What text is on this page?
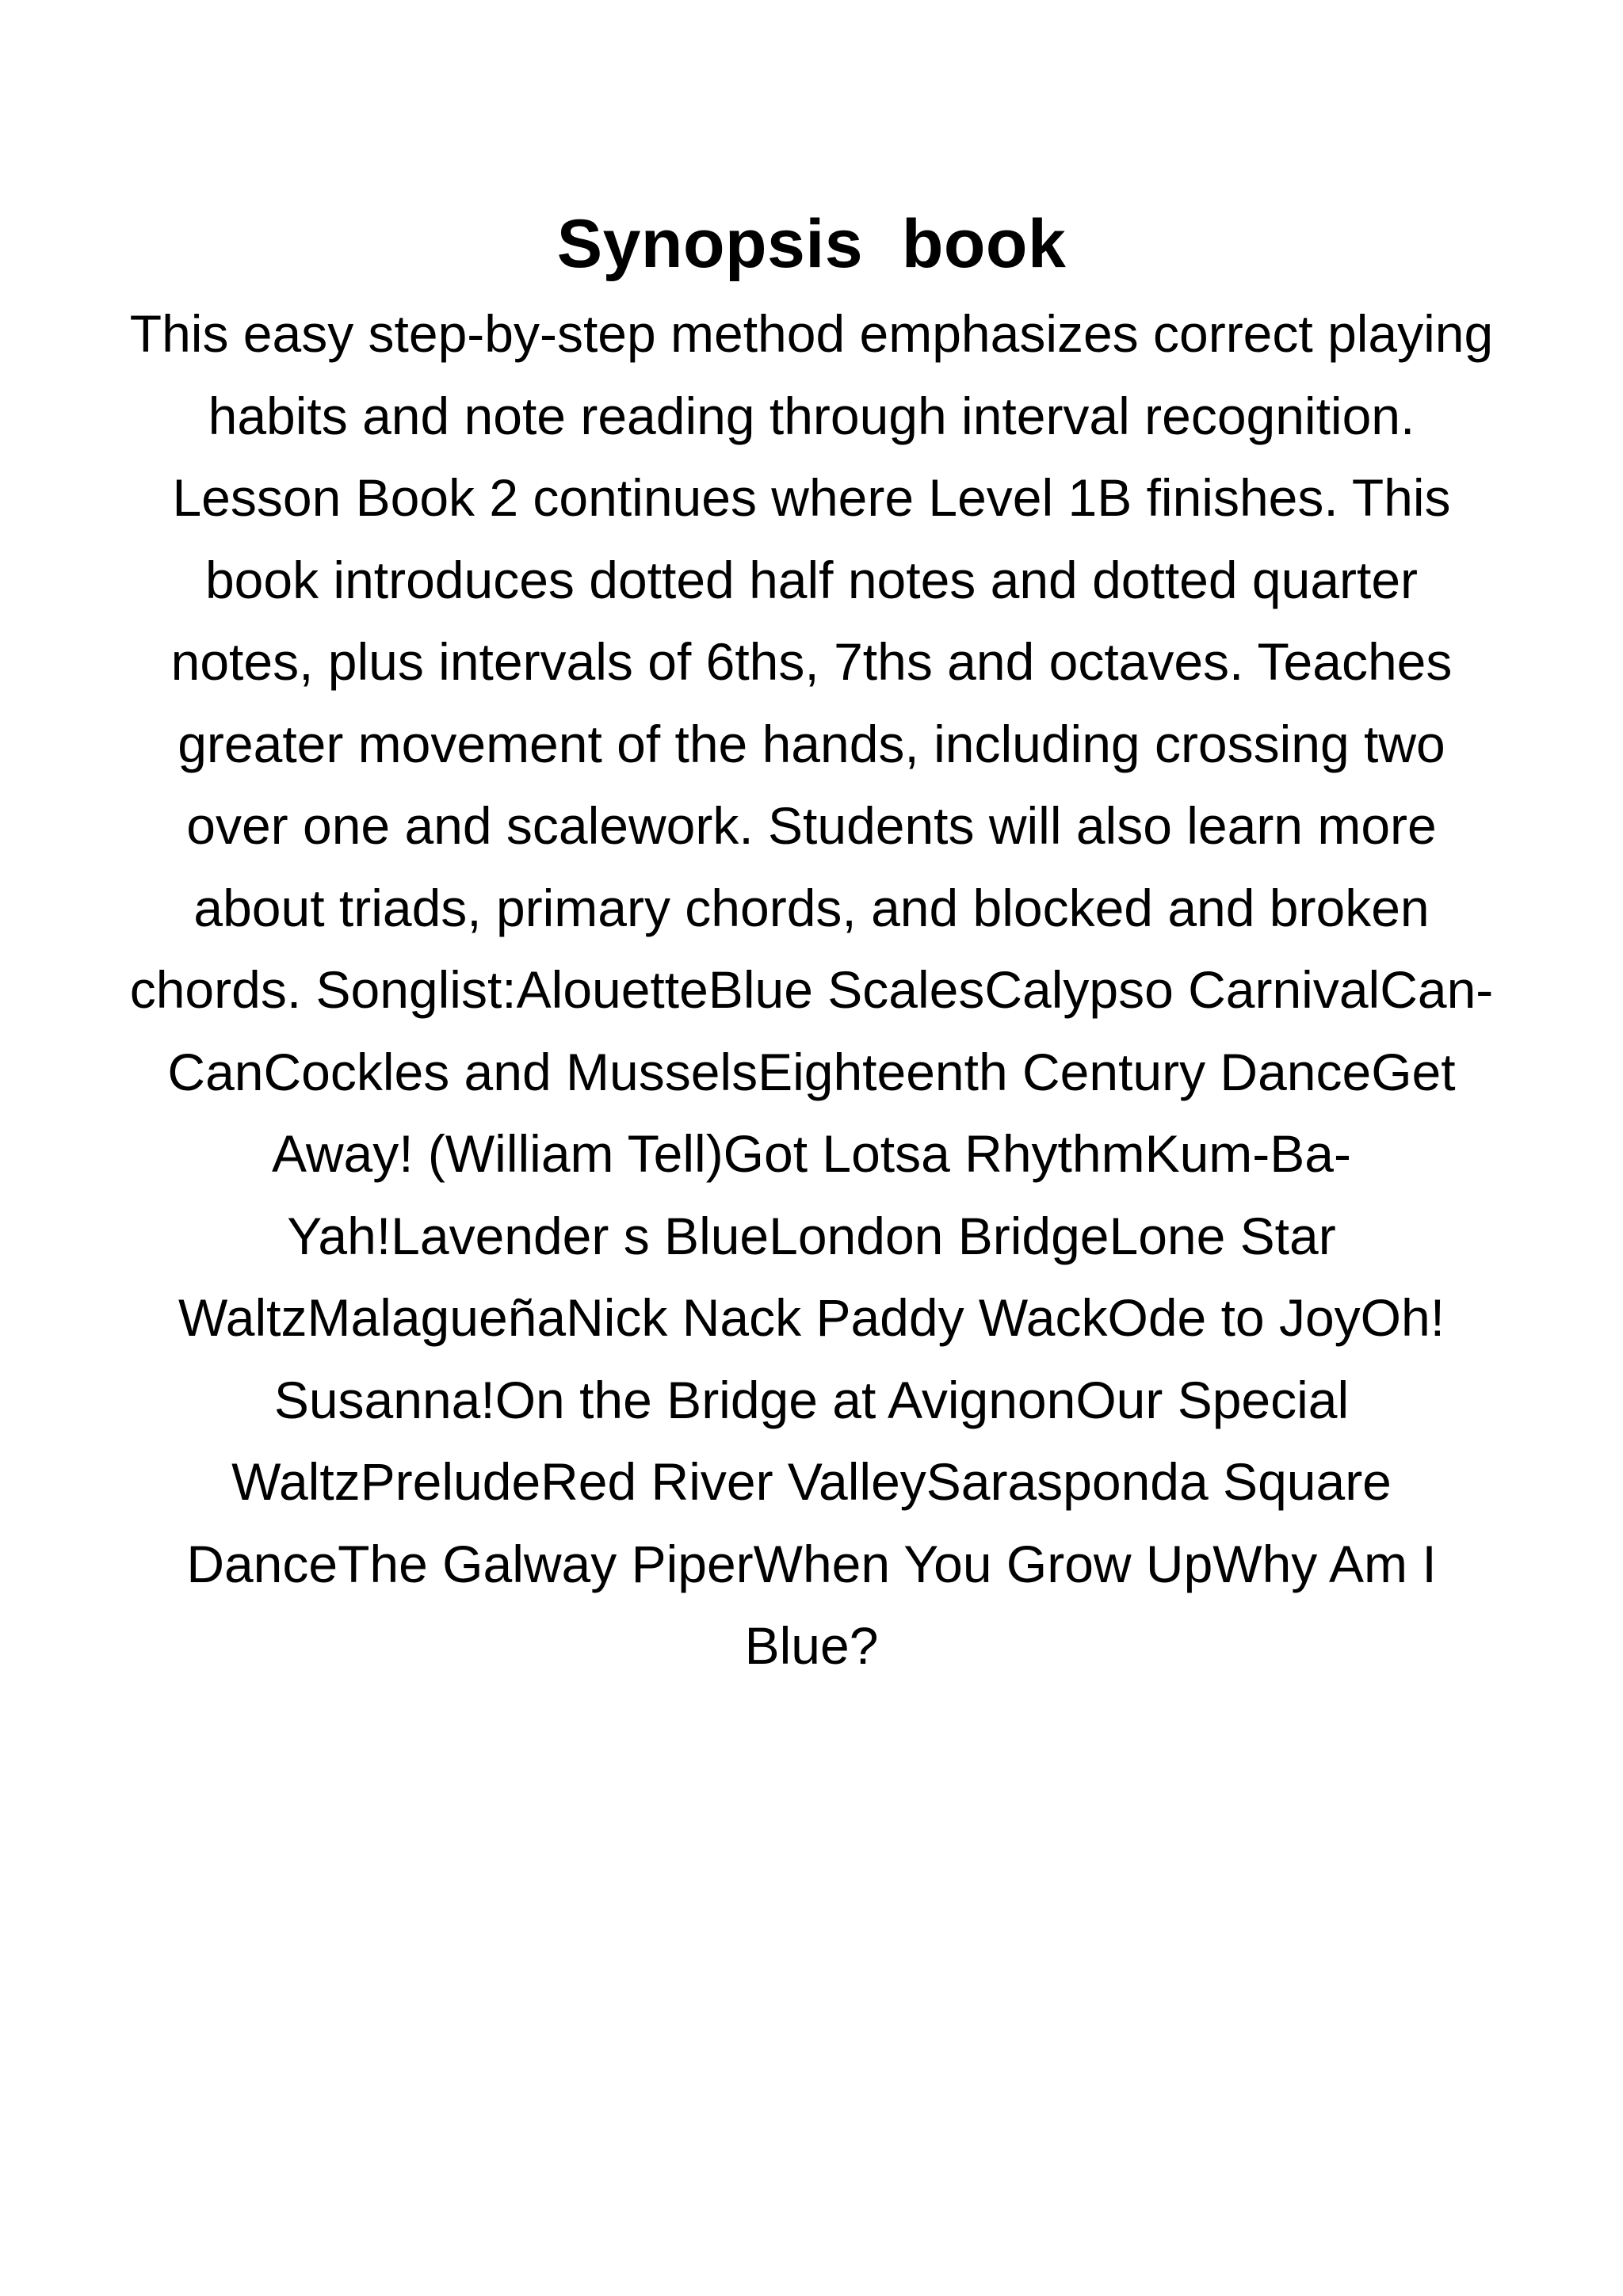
Synopsis  book
This easy step-by-step method emphasizes correct playing
habits and note reading through interval recognition.
Lesson Book 2 continues where Level 1B finishes. This
book introduces dotted half notes and dotted quarter
notes, plus intervals of 6ths, 7ths and octaves. Teaches
greater movement of the hands, including crossing two
over one and scalework. Students will also learn more
about triads, primary chords, and blocked and broken
chords. Songlist:AlouetteBlue ScalesCalypso CarnivalCan-
CanCockles and MusselsEighteenth Century DanceGet
Away! (William Tell)Got Lotsa RhythmKum-Ba-
Yah!Lavender s BlueLondon BridgeLone Star
WaltzMalagueñaNick Nack Paddy WackOde to JoyOh!
Susanna!On the Bridge at AvignonOur Special
WaltzPreludeRed River ValleySarasponda Square
DanceThe Galway PiperWhen You Grow UpWhy Am I
Blue?
